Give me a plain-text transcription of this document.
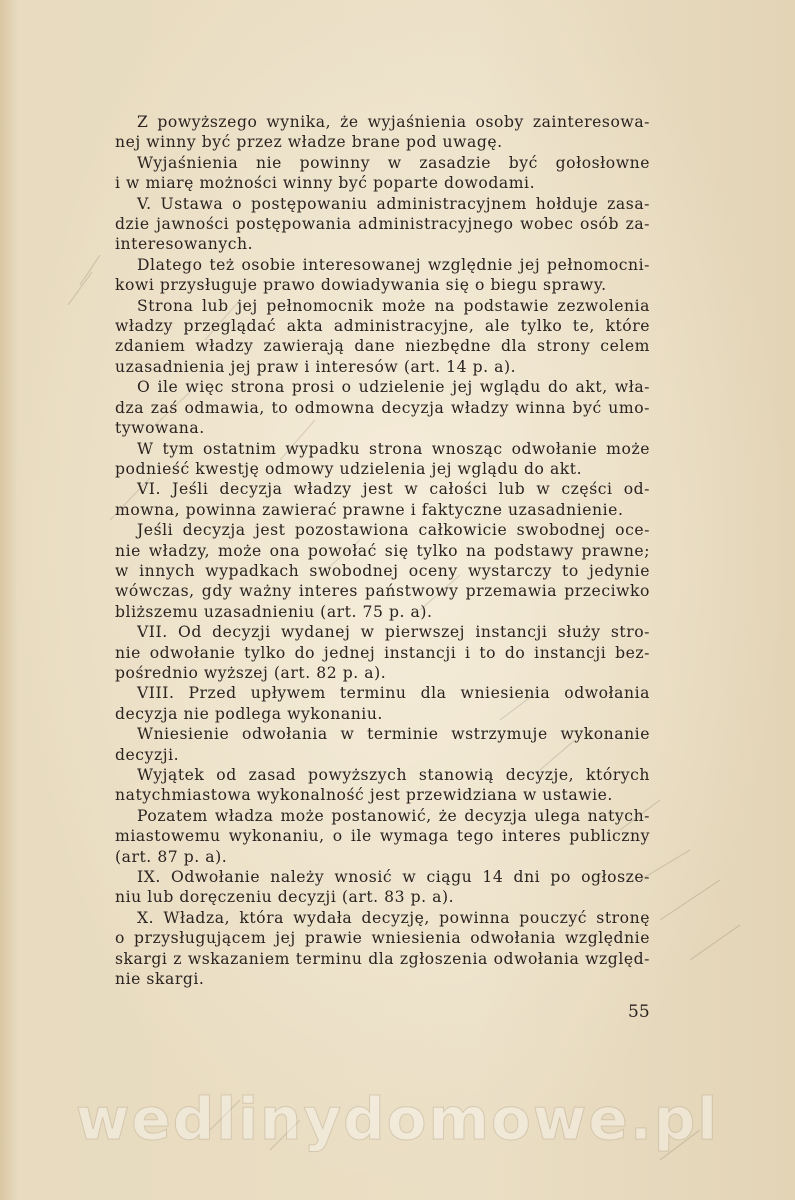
Z powyższego wynika, że wyjaśnienia osoby zainteresowa-
nej winny być przez władze brane pod uwagę.
Wyjaśnienia nie powinny w zasadzie być gołosłowne
i w miarę możności winny być poparte dowodami.
V. Ustawa o postępowaniu administracyjnem hołduje zasa-
dzie jawności postępowania administracyjnego wobec osób za-
interesowanych.
Dlatego też osobie interesowanej względnie jej pełnomocni-
kowi przysługuje prawo dowiadywania się o biegu sprawy.
Strona lub jej pełnomocnik może na podstawie zezwolenia
władzy przeglądać akta administracyjne, ale tylko te, które
zdaniem władzy zawierają dane niezbędne dla strony celem
uzasadnienia jej praw i interesów (art. 14 p. a).
O ile więc strona prosi o udzielenie jej wglądu do akt, wła-
dza zaś odmawia, to odmowna decyzja władzy winna być umo-
tywowana.
W tym ostatnim wypadku strona wnosząc odwołanie może
podnieść kwestję odmowy udzielenia jej wglądu do akt.
VI. Jeśli decyzja władzy jest w całości lub w części od-
mowna, powinna zawierać prawne i faktyczne uzasadnienie.
Jeśli decyzja jest pozostawiona całkowicie swobodnej oce-
nie władzy, może ona powołać się tylko na podstawy prawne;
w innych wypadkach swobodnej oceny wystarczy to jedynie
wówczas, gdy ważny interes państwowy przemawia przeciwko
bliższemu uzasadnieniu (art. 75 p. a).
VII. Od decyzji wydanej w pierwszej instancji służy stro-
nie odwołanie tylko do jednej instancji i to do instancji bez-
pośrednio wyższej (art. 82 p. a).
VIII. Przed upływem terminu dla wniesienia odwołania
decyzja nie podlega wykonaniu.
Wniesienie odwołania w terminie wstrzymuje wykonanie
decyzji.
Wyjątek od zasad powyższych stanowią decyzje, których
natychmiastowa wykonalność jest przewidziana w ustawie.
Pozatem władza może postanowić, że decyzja ulega natych-
miastowemu wykonaniu, o ile wymaga tego interes publiczny
(art. 87 p. a).
IX. Odwołanie należy wnosić w ciągu 14 dni po ogłosze-
niu lub doręczeniu decyzji (art. 83 p. a).
X. Władza, która wydała decyzję, powinna pouczyć stronę
o przysługującem jej prawie wniesienia odwołania względnie
skargi z wskazaniem terminu dla zgłoszenia odwołania względ-
nie skargi.
55
wedlinydomowe.pl
